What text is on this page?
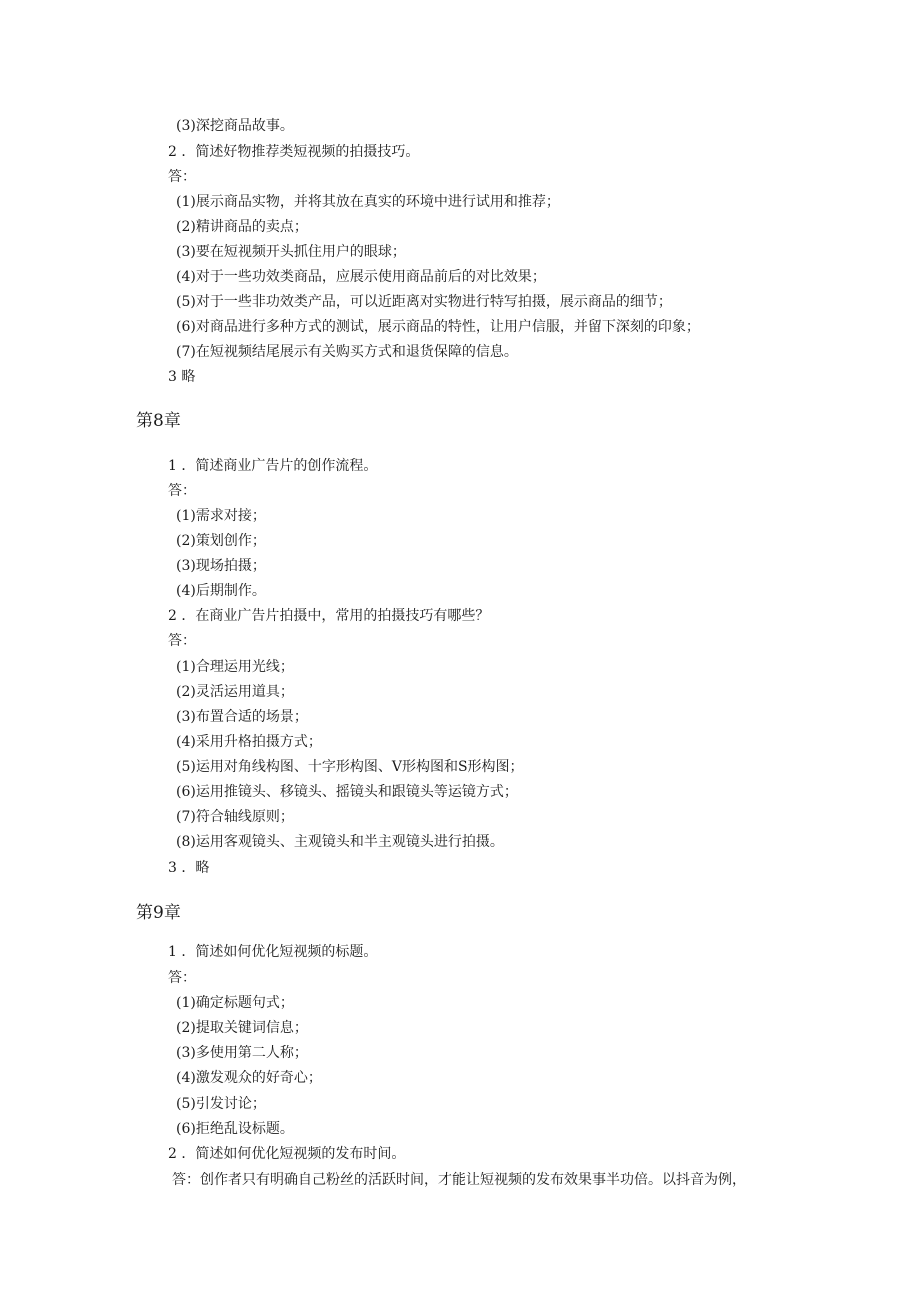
(3)深挖商品故事。
2 ．简述好物推荐类短视频的拍摄技巧。
答：
(1)展示商品实物，并将其放在真实的环境中进行试用和推荐；
(2)精讲商品的卖点；
(3)要在短视频开头抓住用户的眼球；
(4)对于一些功效类商品，应展示使用商品前后的对比效果；
(5)对于一些非功效类产品，可以近距离对实物进行特写拍摄，展示商品的细节；
(6)对商品进行多种方式的测试，展示商品的特性，让用户信服，并留下深刻的印象；
(7)在短视频结尾展示有关购买方式和退货保障的信息。
3 略
第8章
1 ．简述商业广告片的创作流程。
答：
(1)需求对接；
(2)策划创作；
(3)现场拍摄；
(4)后期制作。
2 ．在商业广告片拍摄中，常用的拍摄技巧有哪些？
答：
(1)合理运用光线；
(2)灵活运用道具；
(3)布置合适的场景；
(4)采用升格拍摄方式；
(5)运用对角线构图、十字形构图、V形构图和S形构图；
(6)运用推镜头、移镜头、摇镜头和跟镜头等运镜方式；
(7)符合轴线原则；
(8)运用客观镜头、主观镜头和半主观镜头进行拍摄。
3 ．略
第9章
1 ．简述如何优化短视频的标题。
答：
(1)确定标题句式；
(2)提取关键词信息；
(3)多使用第二人称；
(4)激发观众的好奇心；
(5)引发讨论；
(6)拒绝乱设标题。
2 ．简述如何优化短视频的发布时间。
答：创作者只有明确自己粉丝的活跃时间，才能让短视频的发布效果事半功倍。以抖音为例，
